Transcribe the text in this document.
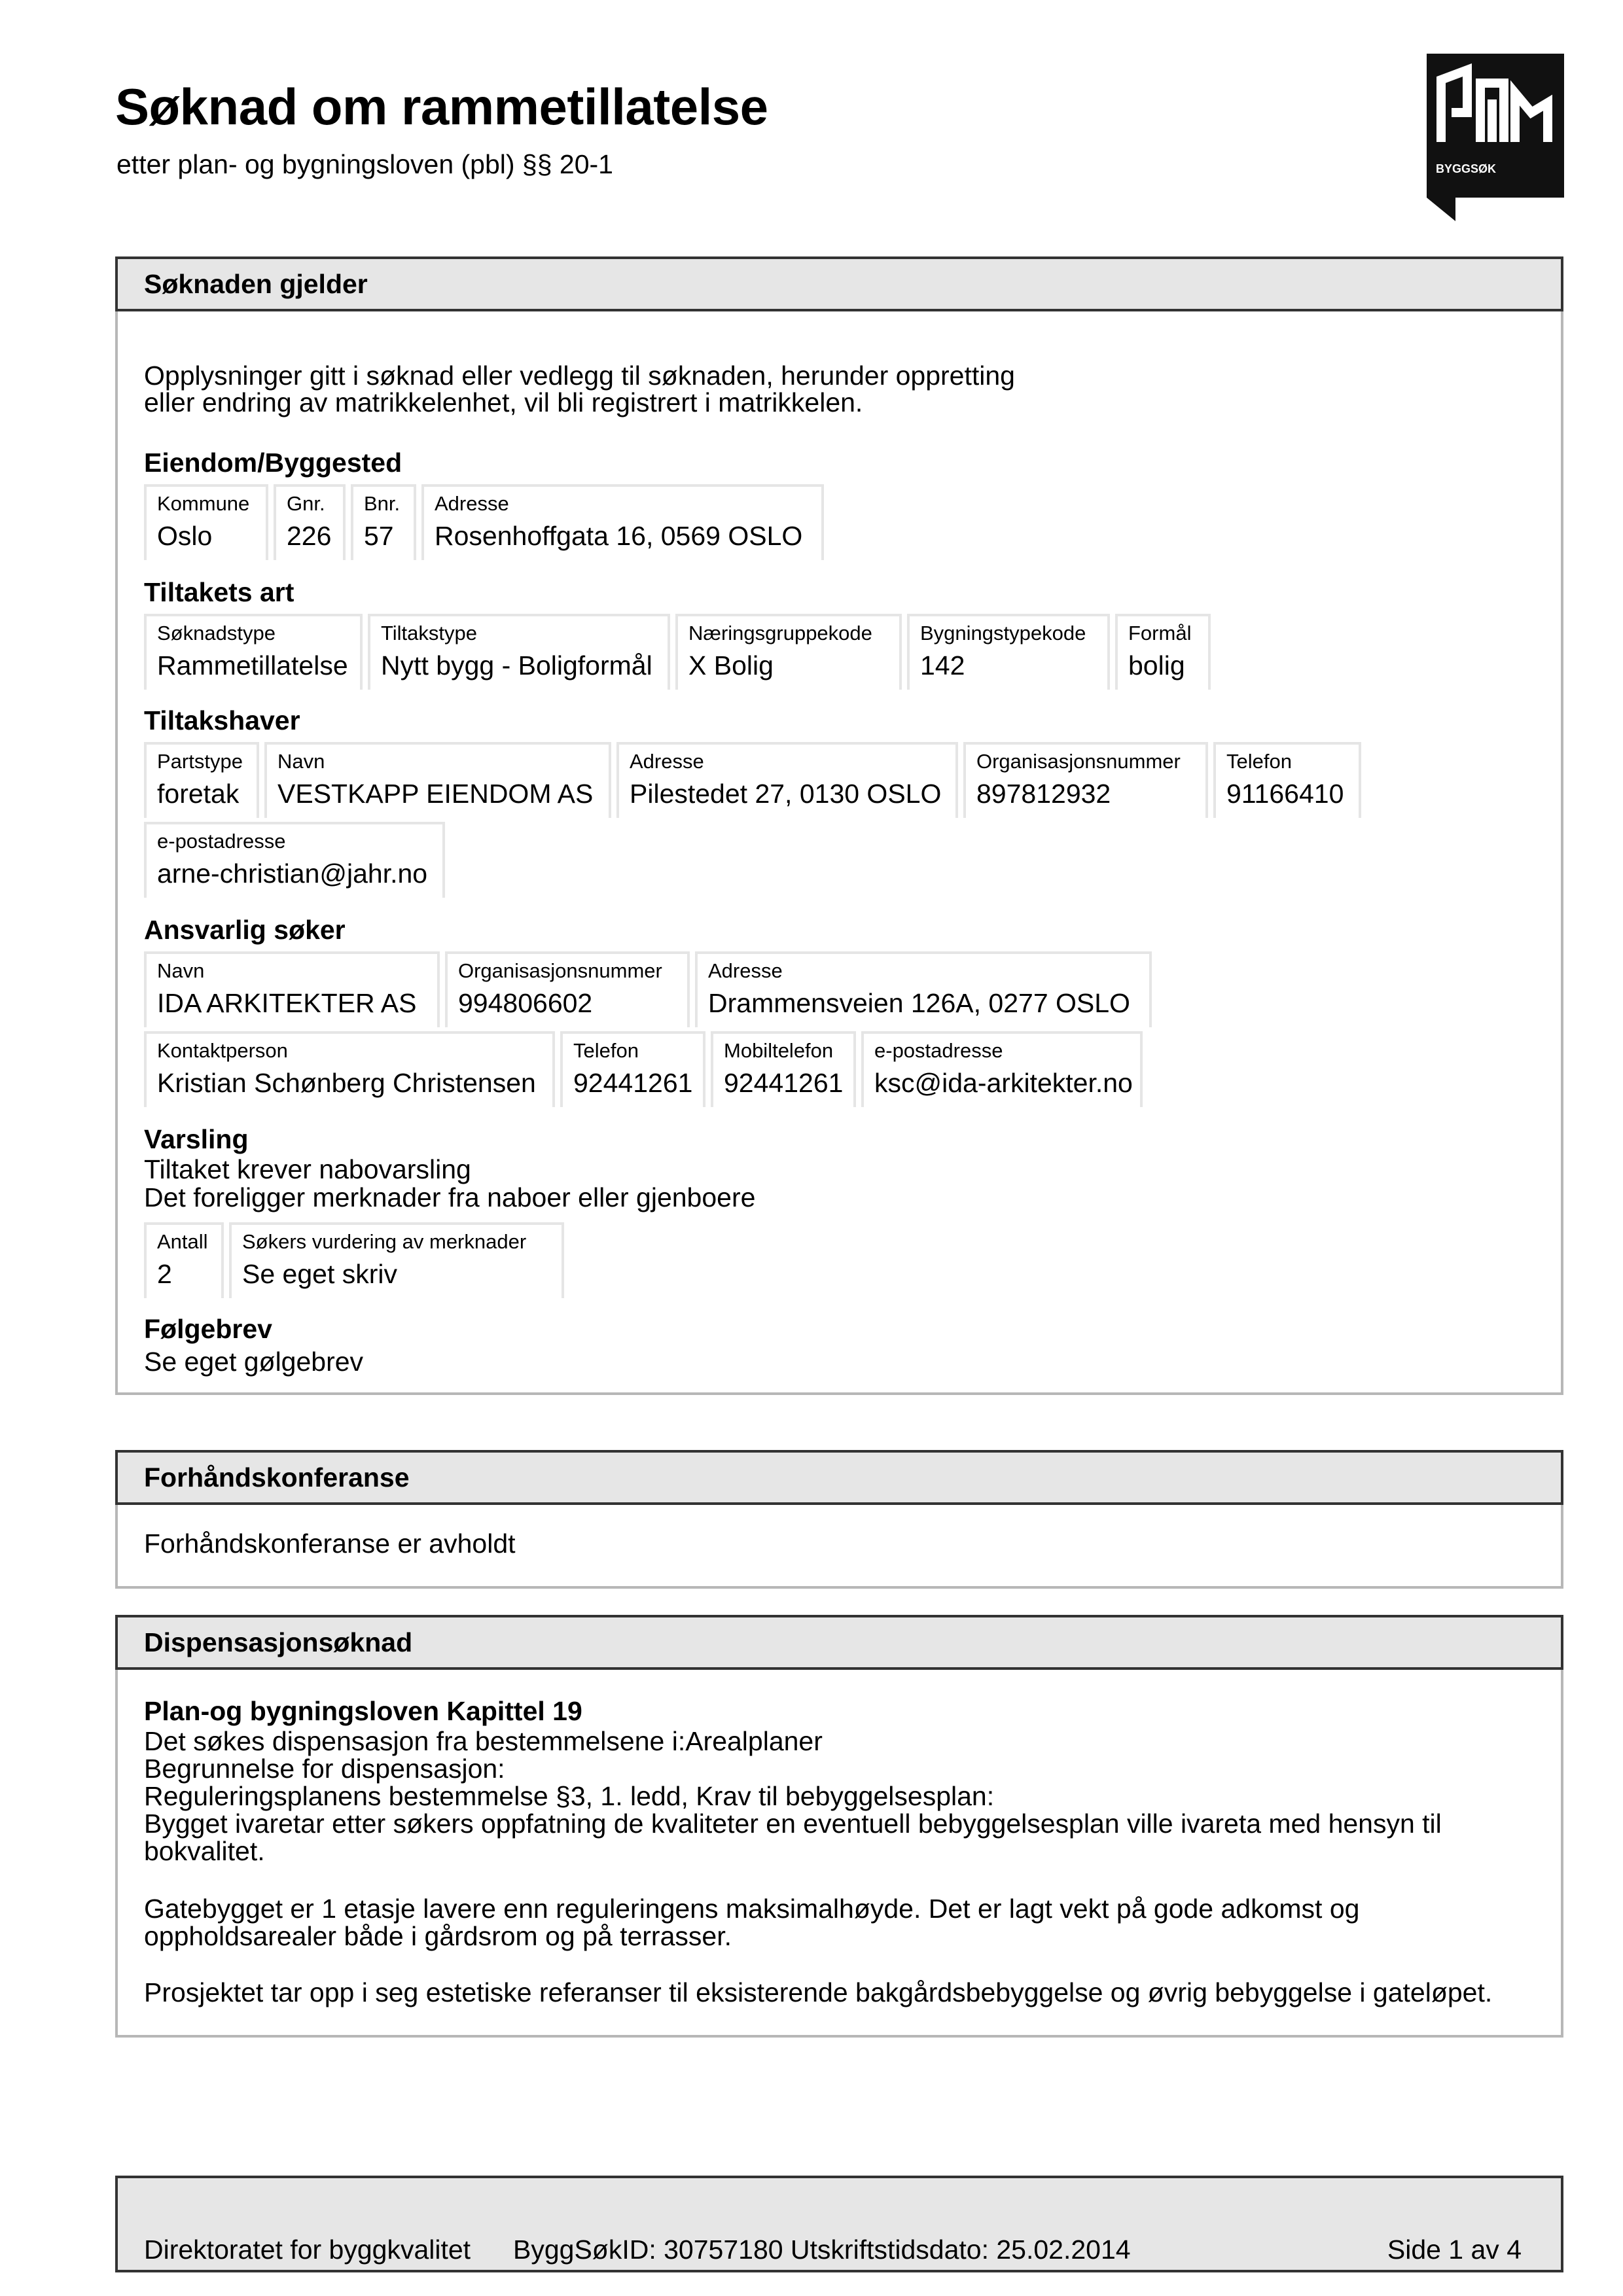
Søknad om rammetillatelse
etter plan- og bygningsloven (pbl) §§ 20-1	BYGGSØK
Søknaden gjelder
Opplysninger gitt i søknad eller vedlegg til søknaden, herunder oppretting
eller endring av matrikkelenhet, vil bli registrert i matrikkelen.
Eiendom/Byggested
Kommune
Oslo
Gnr.
226
Bnr.
57
Adresse
Rosenhoffgata 16, 0569 OSLO
Tiltakets art
Søknadstype
Rammetillatelse
Tiltakstype
Nytt bygg - Boligformål
Næringsgruppekode
X Bolig
Bygningstypekode
142
Formål
bolig
Tiltakshaver
Partstype
foretak
Navn
VESTKAPP EIENDOM AS
Adresse
Pilestedet 27, 0130 OSLO
Organisasjonsnummer
897812932
Telefon
91166410
e-postadresse
arne-christian@jahr.no
Ansvarlig søker
Navn
IDA ARKITEKTER AS
Organisasjonsnummer
994806602
Adresse
Drammensveien 126A, 0277 OSLO
Kontaktperson
Kristian Schønberg Christensen
Telefon
92441261
Mobiltelefon
92441261
e-postadresse
ksc@ida-arkitekter.no
Varsling
Tiltaket krever nabovarsling
Det foreligger merknader fra naboer eller gjenboere
Antall
2
Søkers vurdering av merknader
Se eget skriv
Følgebrev
Se eget gølgebrev
Forhåndskonferanse
Forhåndskonferanse er avholdt
Dispensasjonsøknad
Plan-og bygningsloven Kapittel 19
Det søkes dispensasjon fra bestemmelsene i:Arealplaner
Begrunnelse for dispensasjon:
Reguleringsplanens bestemmelse §3, 1. ledd, Krav til bebyggelsesplan:
Bygget ivaretar etter søkers oppfatning de kvaliteter en eventuell bebyggelsesplan ville ivareta med hensyn til
bokvalitet.
Gatebygget er 1 etasje lavere enn reguleringens maksimalhøyde. Det er lagt vekt på gode adkomst og
oppholdsarealer både i gårdsrom og på terrasser.
Prosjektet tar opp i seg estetiske referanser til eksisterende bakgårdsbebyggelse og øvrig bebyggelse i gateløpet.
Direktoratet for byggkvalitet ByggSøkID: 30757180 Utskriftstidsdato: 25.02.2014	Side 1 av 4
